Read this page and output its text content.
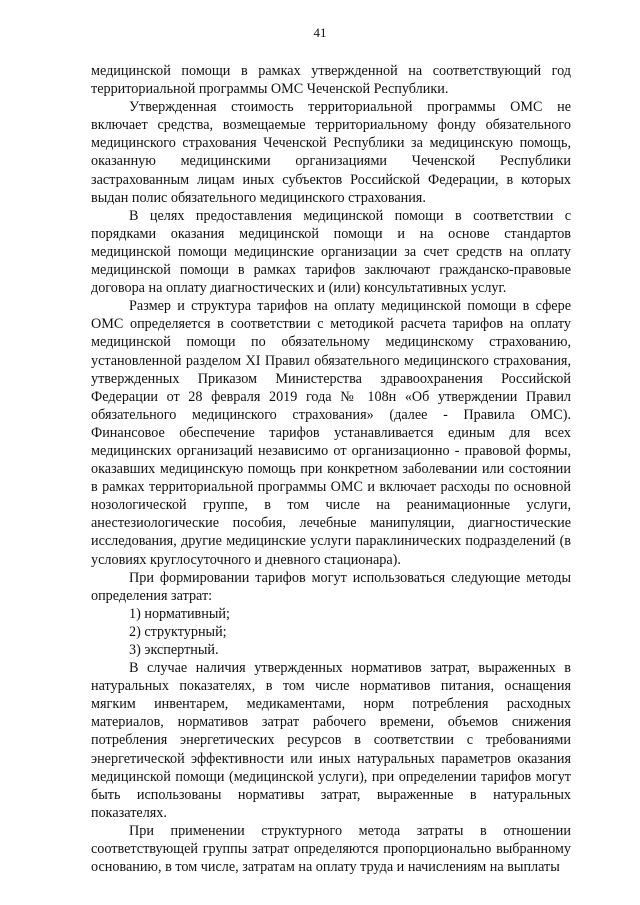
41

медицинской помощи в рамках утвержденной на соответствующий год территориальной программы ОМС Чеченской Республики.

Утвержденная стоимость территориальной программы ОМС не включает средства, возмещаемые территориальному фонду обязательного медицинского страхования Чеченской Республики за медицинскую помощь, оказанную медицинскими организациями Чеченской Республики застрахованным лицам иных субъектов Российской Федерации, в которых выдан полис обязательного медицинского страхования.

В целях предоставления медицинской помощи в соответствии с порядками оказания медицинской помощи и на основе стандартов медицинской помощи медицинские организации за счет средств на оплату медицинской помощи в рамках тарифов заключают гражданско-правовые договора на оплату диагностических и (или) консультативных услуг.

Размер и структура тарифов на оплату медицинской помощи в сфере ОМС определяется в соответствии с методикой расчета тарифов на оплату медицинской помощи по обязательному медицинскому страхованию, установленной разделом XI Правил обязательного медицинского страхования, утвержденных Приказом Министерства здравоохранения Российской Федерации от 28 февраля 2019 года № 108н «Об утверждении Правил обязательного медицинского страхования» (далее - Правила ОМС). Финансовое обеспечение тарифов устанавливается единым для всех медицинских организаций независимо от организационно - правовой формы, оказавших медицинскую помощь при конкретном заболевании или состоянии в рамках территориальной программы ОМС и включает расходы по основной нозологической группе, в том числе на реанимационные услуги, анестезиологические пособия, лечебные манипуляции, диагностические исследования, другие медицинские услуги параклинических подразделений (в условиях круглосуточного и дневного стационара).

При формировании тарифов могут использоваться следующие методы определения затрат:

1) нормативный;

2) структурный;

3) экспертный.

В случае наличия утвержденных нормативов затрат, выраженных в натуральных показателях, в том числе нормативов питания, оснащения мягким инвентарем, медикаментами, норм потребления расходных материалов, нормативов затрат рабочего времени, объемов снижения потребления энергетических ресурсов в соответствии с требованиями энергетической эффективности или иных натуральных параметров оказания медицинской помощи (медицинской услуги), при определении тарифов могут быть использованы нормативы затрат, выраженные в натуральных показателях.

При применении структурного метода затраты в отношении соответствующей группы затрат определяются пропорционально выбранному основанию, в том числе, затратам на оплату труда и начислениям на выплаты
